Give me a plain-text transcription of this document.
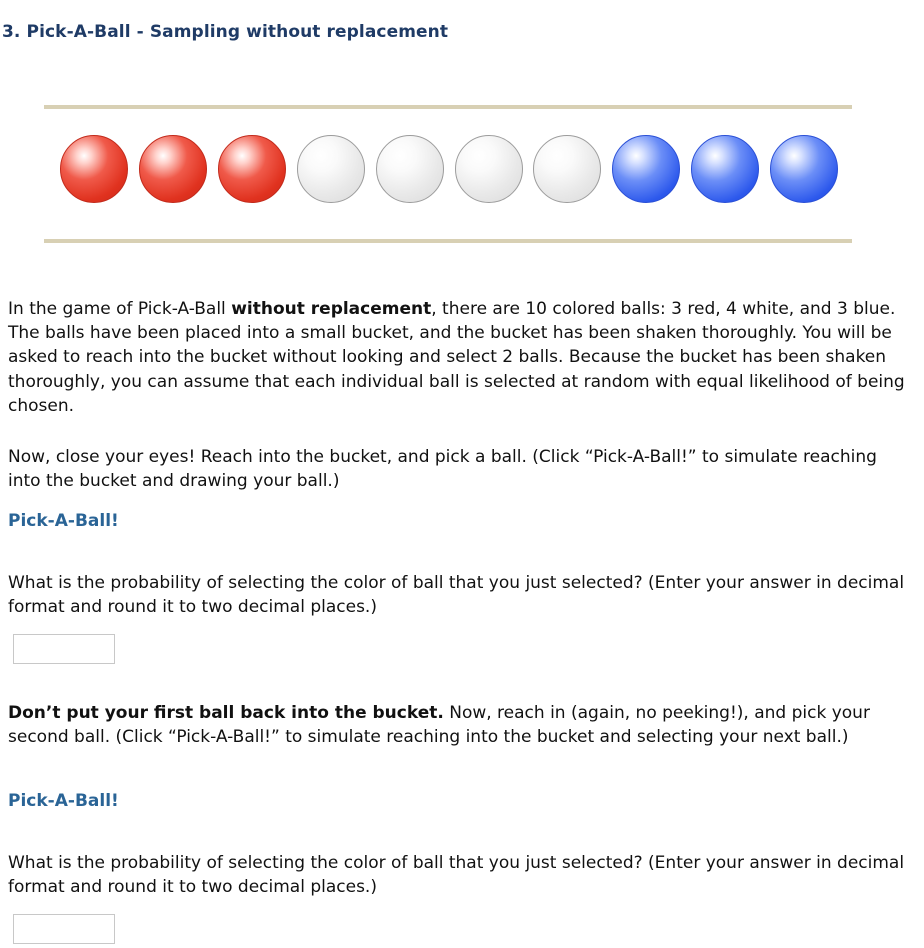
3. Pick-A-Ball - Sampling without replacement

In the game of Pick-A-Ball without replacement, there are 10 colored balls: 3 red, 4 white, and 3 blue. The balls have been placed into a small bucket, and the bucket has been shaken thoroughly. You will be asked to reach into the bucket without looking and select 2 balls. Because the bucket has been shaken thoroughly, you can assume that each individual ball is selected at random with equal likelihood of being chosen.

Now, close your eyes! Reach into the bucket, and pick a ball. (Click “Pick-A-Ball!” to simulate reaching into the bucket and drawing your ball.)

Pick-A-Ball!

What is the probability of selecting the color of ball that you just selected? (Enter your answer in decimal format and round it to two decimal places.)

Don’t put your first ball back into the bucket. Now, reach in (again, no peeking!), and pick your second ball. (Click “Pick-A-Ball!” to simulate reaching into the bucket and selecting your next ball.)

Pick-A-Ball!

What is the probability of selecting the color of ball that you just selected? (Enter your answer in decimal format and round it to two decimal places.)
